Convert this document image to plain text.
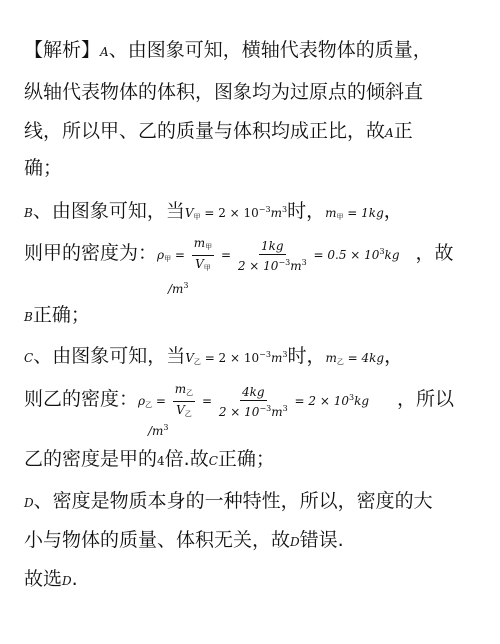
【解析】A、由图象可知，横轴代表物体的质量，
纵轴代表物体的体积，图象均为过原点的倾斜直
线，所以甲、乙的质量与体积均成正比，故A正
确；
B、由图象可知，当$V_甲 = 2 \times 10^{-3}m^3$时，$m_甲 = 1kg$，
则甲的密度为：$\rho_甲 = \frac{m_甲}{V_甲} = \frac{1kg}{2 \times 10^{-3}m^3} = 0.5 \times 10^3kg$ ，故
$/m^3$
B正确；
C、由图象可知，当$V_乙 = 2 \times 10^{-3}m^3$时，$m_乙 = 4kg$，
则乙的密度：$\rho_乙 = \frac{m_乙}{V_乙} = \frac{4kg}{2 \times 10^{-3}m^3} = 2 \times 10^3kg$ ，所以
$/m^3$
乙的密度是甲的4倍.故C正确；
D、密度是物质本身的一种特性，所以，密度的大
小与物体的质量、体积无关，故D错误.
故选D.
